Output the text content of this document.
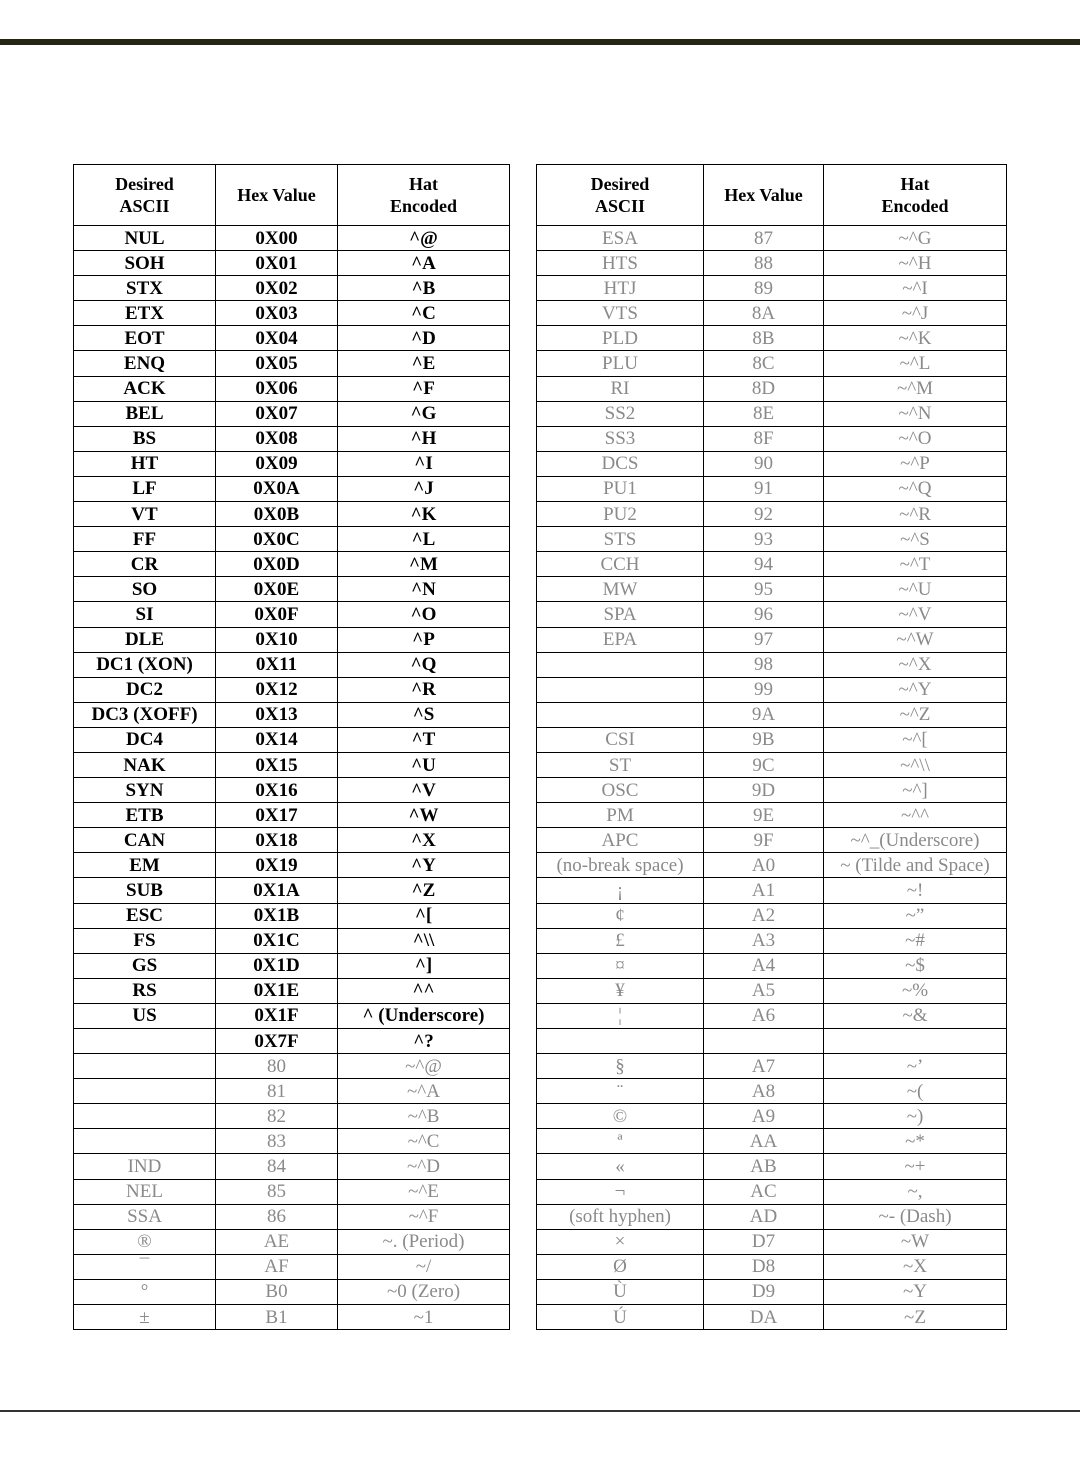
Desired
ASCII	Hex Value	Hat
Encoded
NUL	0X00	^@
SOH	0X01	^A
STX	0X02	^B
ETX	0X03	^C
EOT	0X04	^D
ENQ	0X05	^E
ACK	0X06	^F
BEL	0X07	^G
BS	0X08	^H
HT	0X09	^I
LF	0X0A	^J
VT	0X0B	^K
FF	0X0C	^L
CR	0X0D	^M
SO	0X0E	^N
SI	0X0F	^O
DLE	0X10	^P
DC1 (XON)	0X11	^Q
DC2	0X12	^R
DC3 (XOFF)	0X13	^S
DC4	0X14	^T
NAK	0X15	^U
SYN	0X16	^V
ETB	0X17	^W
CAN	0X18	^X
EM	0X19	^Y
SUB	0X1A	^Z
ESC	0X1B	^[
FS	0X1C	^\\
GS	0X1D	^]
RS	0X1E	^^
US	0X1F	^ (Underscore)
	0X7F	^?
	80	~^@
	81	~^A
	82	~^B
	83	~^C
IND	84	~^D
NEL	85	~^E
SSA	86	~^F
®	AE	~. (Period)
¯	AF	~/
°	B0	~0 (Zero)
±	B1	~1
Desired
ASCII	Hex Value	Hat
Encoded
ESA	87	~^G
HTS	88	~^H
HTJ	89	~^I
VTS	8A	~^J
PLD	8B	~^K
PLU	8C	~^L
RI	8D	~^M
SS2	8E	~^N
SS3	8F	~^O
DCS	90	~^P
PU1	91	~^Q
PU2	92	~^R
STS	93	~^S
CCH	94	~^T
MW	95	~^U
SPA	96	~^V
EPA	97	~^W
	98	~^X
	99	~^Y
	9A	~^Z
CSI	9B	~^[
ST	9C	~^\\
OSC	9D	~^]
PM	9E	~^^
APC	9F	~^_(Underscore)
(no-break space)	A0	~ (Tilde and Space)
¡	A1	~!
¢	A2	~”
£	A3	~#
¤	A4	~$
¥	A5	~%
¦	A6	~&

§	A7	~’
¨	A8	~(
©	A9	~)
ª	AA	~*
«	AB	~+
¬	AC	~,
(soft hyphen)	AD	~- (Dash)
×	D7	~W
Ø	D8	~X
Ù	D9	~Y
Ú	DA	~Z
